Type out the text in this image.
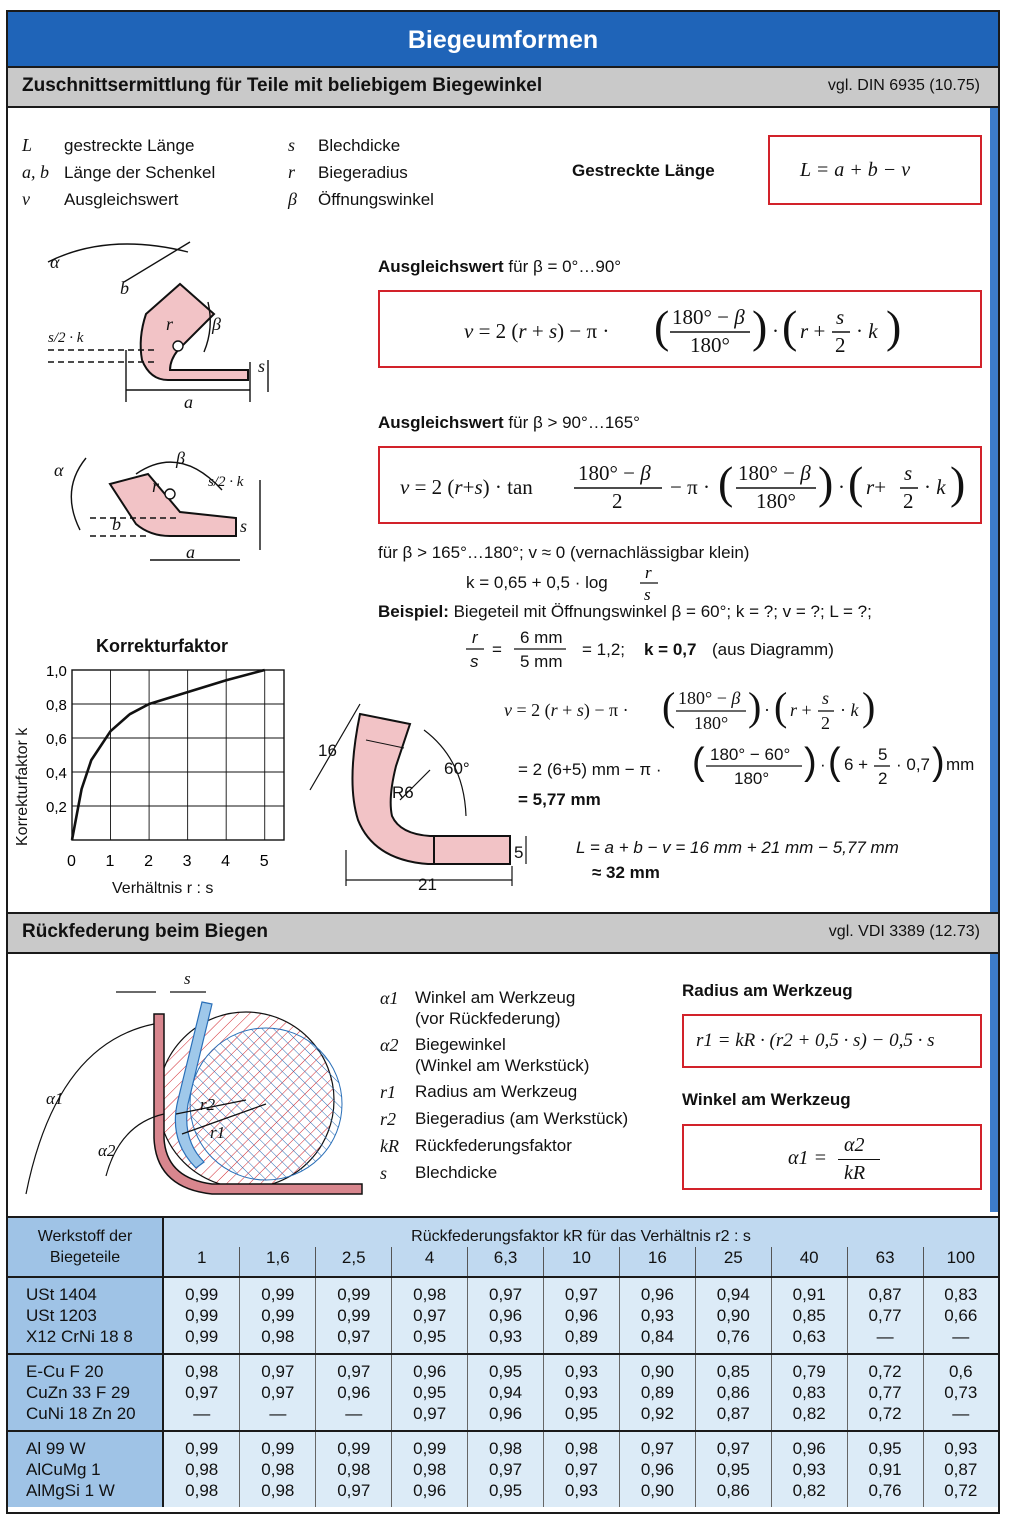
Biegeumformen
Zuschnittsermittlung für Teile mit beliebigem Biegewinkel	vgl. DIN 6935 (10.75)
L gestreckte Länge
a, b Länge der Schenkel
v Ausgleichswert
s Blechdicke
r Biegeradius
β Öffnungswinkel
Gestreckte Länge	L = a + b − v
Ausgleichswert für β = 0°…90°
v = 2 (r + s) − π · ( 180° − β
180° ) · ( r +
s
2
· k )
Ausgleichswert für β > 90°…165°
v = 2 (r+s) · tan
180° − β
2
− π · ( 180° − β
180° ) · ( r+
s
2
· k )
für β > 165°…180°; v ≈ 0 (vernachlässigbar klein)
k = 0,65 + 0,5 · log
r
s
Beispiel: Biegeteil mit Öffnungswinkel β = 60°; k = ?; v = ?; L = ?;
r
s
=
6 mm
5 mm
= 1,2; k = 0,7 (aus Diagramm)
v = 2 (r + s) − π · ( 180° − β
180° ) · ( r +
s
2
· k )
= 2 (6+5) mm − π · ( 180° − 60°
180° ) · ( 6 +
5
2
· 0,7 ) mm
= 5,77 mm
L = a + b − v = 16 mm + 21 mm − 5,77 mm
≈ 32 mm
α
b
r β
a
s
s/2 · k
α
β
r
b
a
s
s/2 · k
Korrekturfaktor
Verhältnis r : s
Korrekturfaktor k
0 1 2 3 4 5
0,2
0,4
0,6
0,8
1,0
16
21
5
R6
60°
Rückfederung beim Biegen	vgl. VDI 3389 (12.73)
s
α1
α2
r1
r2
α1 Winkel am Werkzeug
(vor Rückfederung)
α2 Biegewinkel
(Winkel am Werkstück)
r1 Radius am Werkzeug
r2 Biegeradius (am Werkstück)
kR Rückfederungsfaktor
s Blechdicke
Radius am Werkzeug
r1 = kR · (r2 + 0,5 · s) − 0,5 · s
Winkel am Werkzeug
α1 =
α2
kR
Werkstoff der Biegeteile	Rückfederungsfaktor kR für das Verhältnis r2 : s										
	1	1,6	2,5	4	6,3	10	16	25	40	63	100
USt 1404	0,99	0,99	0,99	0,98	0,97	0,97	0,96	0,94	0,91	0,87	0,83
USt 1203	0,99	0,99	0,99	0,97	0,96	0,96	0,93	0,90	0,85	0,77	0,66
X12 CrNi 18 8	0,99	0,98	0,97	0,95	0,93	0,89	0,84	0,76	0,63	—	—
E-Cu F 20	0,98	0,97	0,97	0,96	0,95	0,93	0,90	0,85	0,79	0,72	0,6
CuZn 33 F 29	0,97	0,97	0,96	0,95	0,94	0,93	0,89	0,86	0,83	0,77	0,73
CuNi 18 Zn 20	—	—	—	0,97	0,96	0,95	0,92	0,87	0,82	0,72	—
Al 99 W	0,99	0,99	0,99	0,99	0,98	0,98	0,97	0,97	0,96	0,95	0,93
AlCuMg 1	0,98	0,98	0,98	0,98	0,97	0,97	0,96	0,95	0,93	0,91	0,87
AlMgSi 1 W	0,98	0,98	0,97	0,96	0,95	0,93	0,90	0,86	0,82	0,76	0,72
